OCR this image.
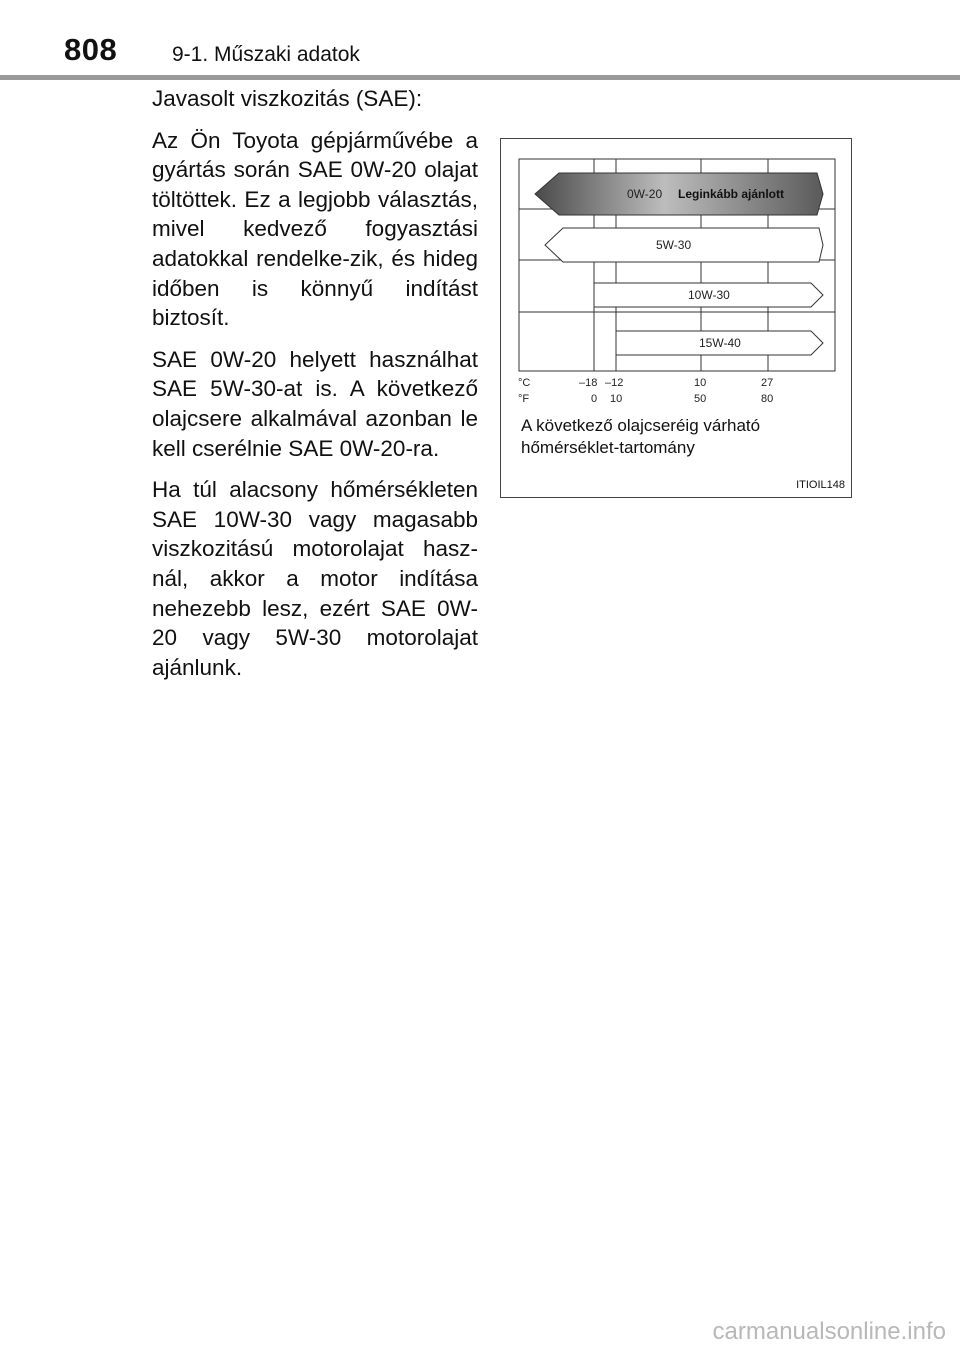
808	9-1. Műszaki adatok

Javasolt viszkozitás (SAE):

Az Ön Toyota gépjárművébe a gyártás során SAE 0W-20 olajat töltöttek. Ez a legjobb választás, mivel kedvező fogyasztási adatokkal rendelke-zik, és hideg időben is könnyű indítást biztosít.

SAE 0W-20 helyett használhat SAE 5W-30-at is. A következő olajcsere alkalmával azonban le kell cserélnie SAE 0W-20-ra.

Ha túl alacsony hőmérsékleten SAE 10W-30 vagy magasabb viszkozitású motorolajat hasz-nál, akkor a motor indítása nehezebb lesz, ezért SAE 0W-20 vagy 5W-30 motorolajat ajánlunk.

0W-20 Leginkább ajánlott
5W-30
10W-30
15W-40
°C
°F
–18 –12	10	27
0 10	50	80
A következő olajcseréig várható hőmérséklet-tartomány
ITIOIL148
carmanualsonline.info
